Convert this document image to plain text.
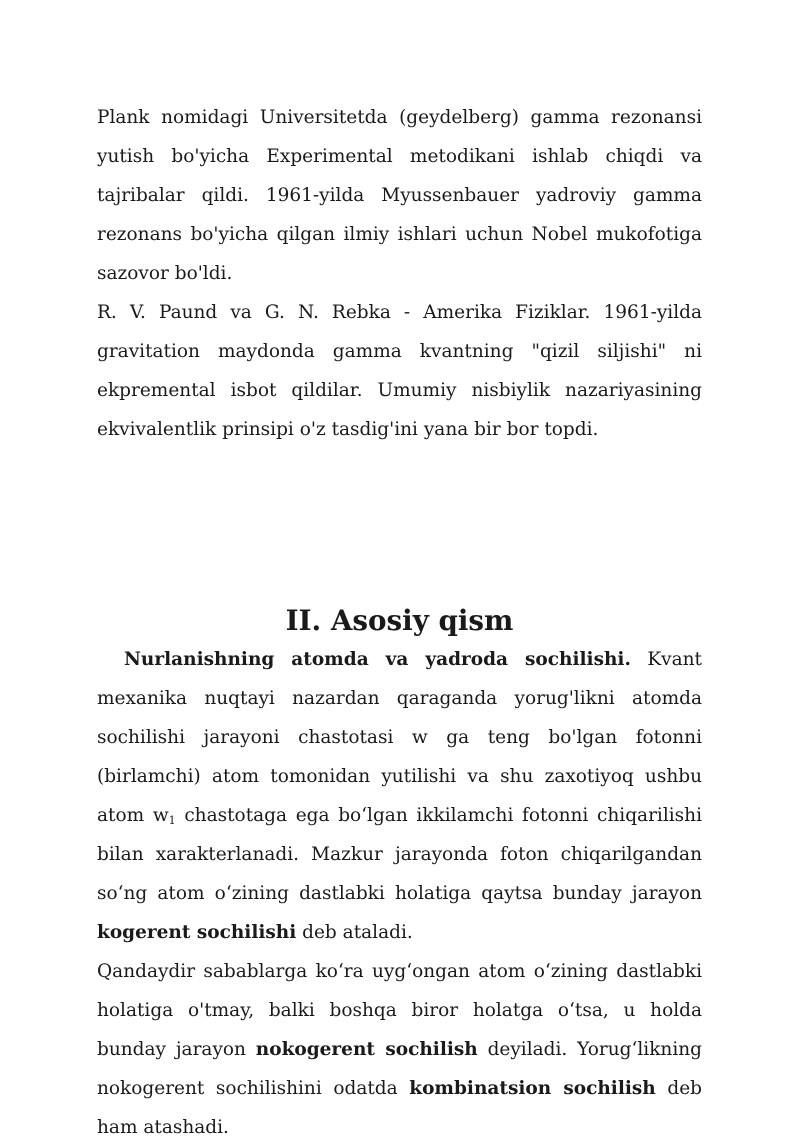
Plank nomidagi Universitetda (geydelberg) gamma rezonansi yutish bo'yicha Experimental metodikani ishlab chiqdi va tajribalar qildi. 1961-yilda Myussenbauer yadroviy gamma rezonans bo'yicha qilgan ilmiy ishlari uchun Nobel mukofotiga sazovor bo'ldi.

R. V. Paund va G. N. Rebka - Amerika Fiziklar. 1961-yilda gravitation maydonda gamma kvantning "qizil siljishi" ni ekpremental isbot qildilar. Umumiy nisbiylik nazariyasining ekvivalentlik prinsipi o'z tasdig'ini yana bir bor topdi.

II. Asosiy qism

Nurlanishning atomda va yadroda sochilishi. Kvant mexanika nuqtayi nazardan qaraganda yorug'likni atomda sochilishi jarayoni chastotasi w ga teng bo'lgan fotonni (birlamchi) atom tomonidan yutilishi va shu zaxotiyoq ushbu atom $w_1$ chastotaga ega bo‘lgan ikkilamchi fotonni chiqarilishi bilan xarakterlanadi. Mazkur jarayonda foton chiqarilgandan so‘ng atom o‘zining dastlabki holatiga qaytsa bunday jarayon kogerent sochilishi deb ataladi.

Qandaydir sabablarga ko‘ra uyg‘ongan atom o‘zining dastlabki holatiga o'tmay, balki boshqa biror holatga o‘tsa, u holda bunday jarayon nokogerent sochilish deyiladi. Yorug‘likning nokogerent sochilishini odatda kombinatsion sochilish deb ham atashadi.
